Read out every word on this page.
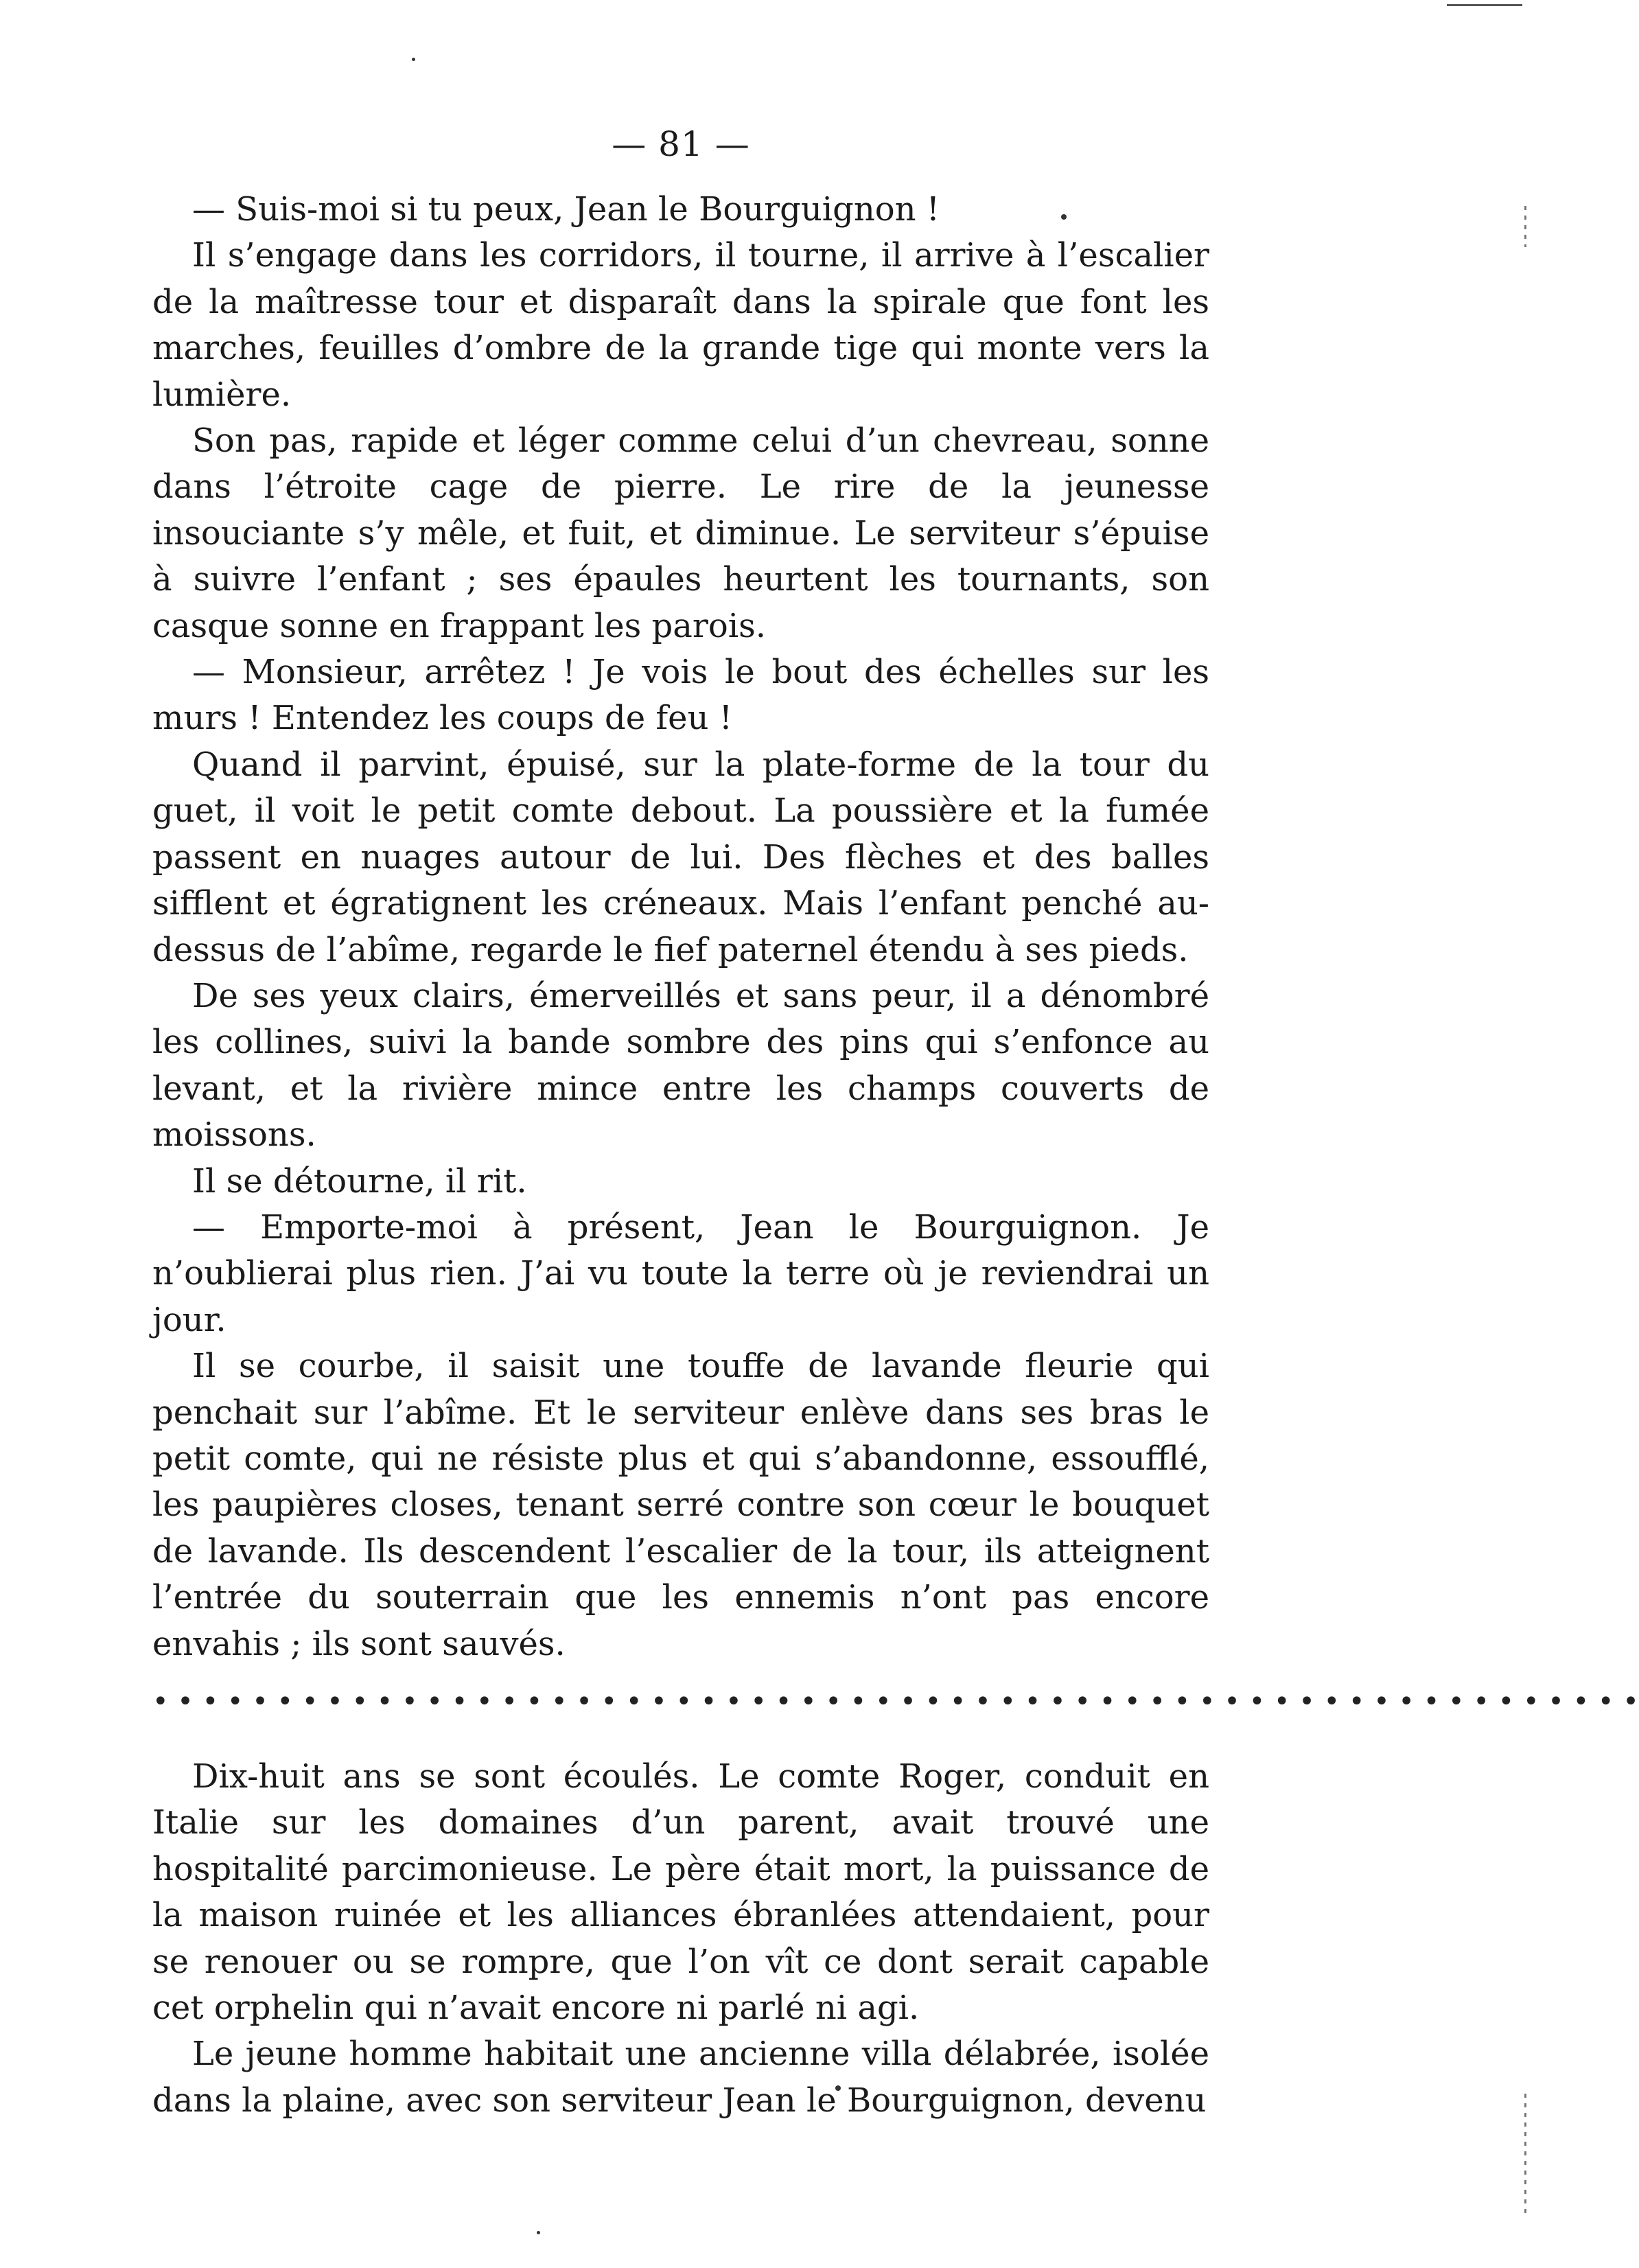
— 81 —

— Suis-moi si tu peux, Jean le Bourguignon !

Il s’engage dans les corridors, il tourne, il arrive à l’escalier de la maîtresse tour et disparaît dans la spirale que font les marches, feuilles d’ombre de la grande tige qui monte vers la lumière.

Son pas, rapide et léger comme celui d’un chevreau, sonne dans l’étroite cage de pierre. Le rire de la jeunesse insouciante s’y mêle, et fuit, et diminue. Le serviteur s’épuise à suivre l’enfant ; ses épaules heurtent les tournants, son casque sonne en frappant les parois.

— Monsieur, arrêtez ! Je vois le bout des échelles sur les murs ! Entendez les coups de feu !

Quand il parvint, épuisé, sur la plate-forme de la tour du guet, il voit le petit comte debout. La poussière et la fumée passent en nuages autour de lui. Des flèches et des balles sifflent et égratignent les créneaux. Mais l’enfant penché au-dessus de l’abîme, regarde le fief paternel étendu à ses pieds.

De ses yeux clairs, émerveillés et sans peur, il a dénombré les collines, suivi la bande sombre des pins qui s’enfonce au levant, et la rivière mince entre les champs couverts de moissons.

Il se détourne, il rit.

— Emporte-moi à présent, Jean le Bourguignon. Je n’oublierai plus rien. J’ai vu toute la terre où je reviendrai un jour.

Il se courbe, il saisit une touffe de lavande fleurie qui penchait sur l’abîme. Et le serviteur enlève dans ses bras le petit comte, qui ne résiste plus et qui s’abandonne, essoufflé, les paupières closes, tenant serré contre son cœur le bouquet de lavande. Ils descendent l’escalier de la tour, ils atteignent l’entrée du souterrain que les ennemis n’ont pas encore envahis ; ils sont sauvés.

• • • • • • • • • • • • • • • • • • • • • • • • • • • • • • • • • • • • • • • • • • • • • • • • • • • • • • • • • • • •

Dix-huit ans se sont écoulés. Le comte Roger, conduit en Italie sur les domaines d’un parent, avait trouvé une hospitalité parcimonieuse. Le père était mort, la puissance de la maison ruinée et les alliances ébranlées attendaient, pour se renouer ou se rompre, que l’on vît ce dont serait capable cet orphelin qui n’avait encore ni parlé ni agi.

Le jeune homme habitait une ancienne villa délabrée, isolée dans la plaine, avec son serviteur Jean le Bourguignon, devenu
